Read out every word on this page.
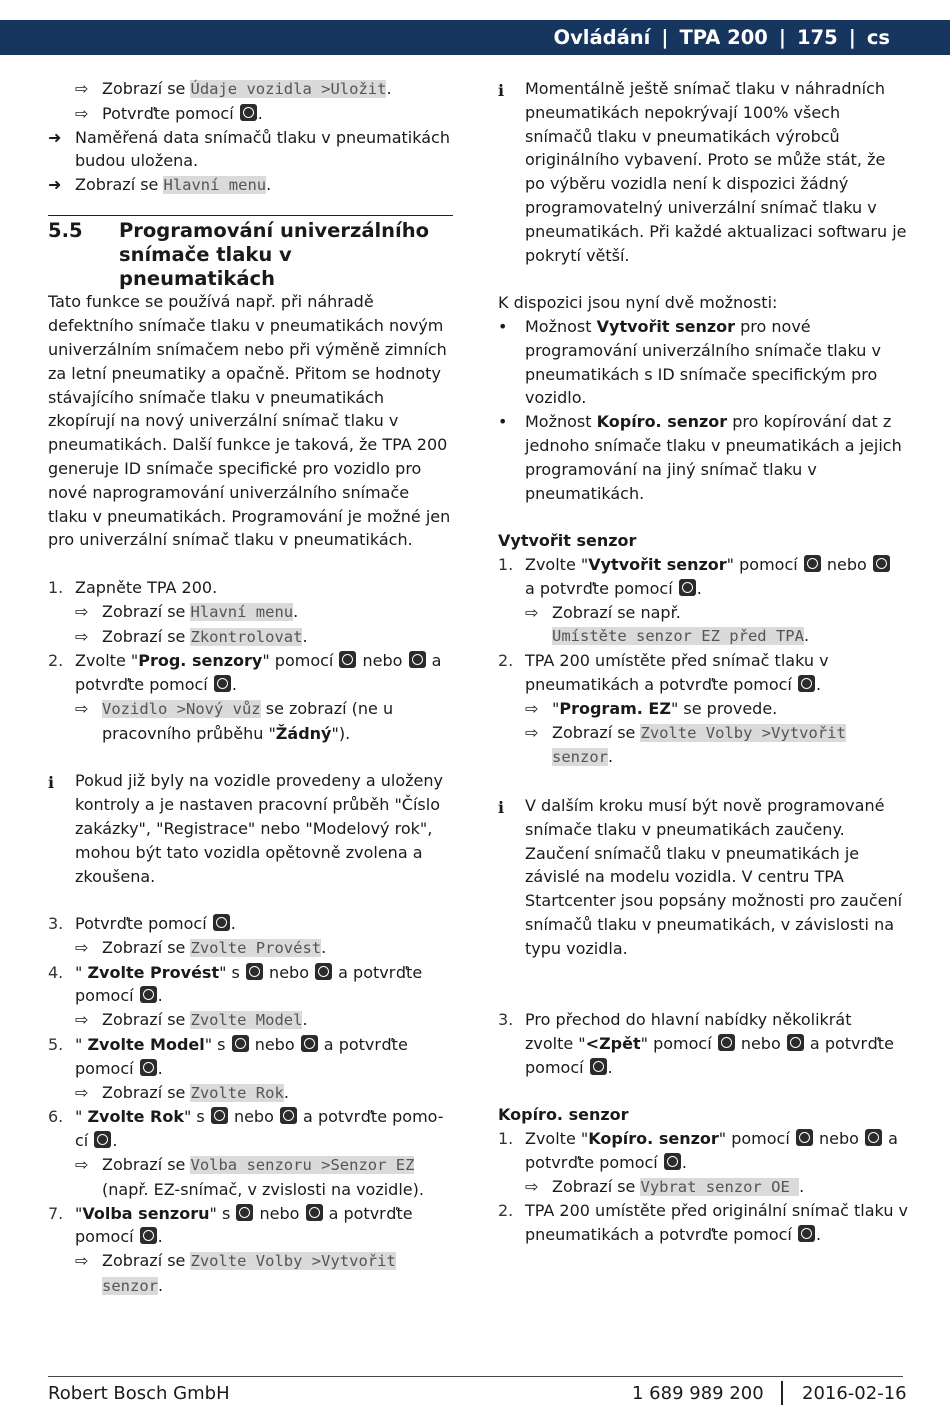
Ovládání | TPA 200 | 175 | cs
⇨ Zobrazí se Údaje vozidla >Uložit.
⇨ Potvrďte pomocí .
➜ Naměřená data snímačů tlaku v pneumatikách budou uložena.
➜ Zobrazí se Hlavní menu.
5.5 Programování univerzálního snímače tlaku v pneumatikách
Tato funkce se používá např. při náhradě defektního snímače tlaku v pneumatikách novým univerzálním snímačem nebo při výměně zimních za letní pneumatiky a opačně. Přitom se hodnoty stávajícího snímače tlaku v pneumatikách zkopírují na nový univerzální snímač tlaku v pneumatikách. Další funkce je taková, že TPA 200 generuje ID snímače specifické pro vozidlo pro nové naprogramování univerzálního snímače tlaku v pneumatikách. Programování je možné jen pro univerzální snímač tlaku v pneumatikách.
1. Zapněte TPA 200.
⇨ Zobrazí se Hlavní menu.
⇨ Zobrazí se Zkontrolovat.
2. Zvolte "Prog. senzory" pomocí  nebo  a
potvrďte pomocí .
⇨ Vozidlo >Nový vůz se zobrazí (ne u pracovního průběhu "Žádný").
ℹ Pokud již byly na vozidle provedeny a uloženy kontroly a je nastaven pracovní průběh "Číslo zakázky", "Registrace" nebo "Modelový rok", mohou být tato vozidla opětovně zvolena a zkoušena.
3. Potvrďte pomocí .
⇨ Zobrazí se Zvolte Provést.
4. " Zvolte Provést" s  nebo  a potvrďte
pomocí .
⇨ Zobrazí se Zvolte Model.
5. " Zvolte Model" s  nebo  a potvrďte
pomocí .
⇨ Zobrazí se Zvolte Rok.
6. " Zvolte Rok" s  nebo  a potvrďte pomo-
cí .
⇨ Zobrazí se Volba senzoru >Senzor EZ (např. EZ-snímač, v zvislosti na vozidle).
7. "Volba senzoru" s  nebo  a potvrďte
pomocí .
⇨ Zobrazí se Zvolte Volby >Vytvořit senzor.
ℹ Momentálně ještě snímač tlaku v náhradních pneumatikách nepokrývají 100% všech snímačů tlaku v pneumatikách výrobců originálního vybavení. Proto se může stát, že po výběru vozidla není k dispozici žádný programovatelný univerzální snímač tlaku v pneumatikách. Při každé aktualizaci softwaru je pokrytí větší.
K dispozici jsou nyní dvě možnosti:
•	Možnost Vytvořit senzor pro nové programování univerzálního snímače tlaku v pneumatikách s ID snímače specifickým pro vozidlo.
•	Možnost Kopíro. senzor pro kopírování dat z jednoho snímače tlaku v pneumatikách a jejich programování na jiný snímač tlaku v pneumatikách.
Vytvořit senzor
1. Zvolte "Vytvořit senzor" pomocí  nebo
a potvrďte pomocí .
⇨ Zobrazí se např.
Umístěte senzor EZ před TPA.
2. TPA 200 umístěte před snímač tlaku v pneumatikách a potvrďte pomocí .
⇨ "Program. EZ" se provede.
⇨ Zobrazí se Zvolte Volby >Vytvořit senzor.
ℹ V dalším kroku musí být nově programované snímače tlaku v pneumatikách zaučeny. Zaučení snímačů tlaku v pneumatikách je závislé na modelu vozidla. V centru TPA Startcenter jsou popsány možnosti pro zaučení snímačů tlaku v pneumatikách, v závislosti na typu vozidla.
3. Pro přechod do hlavní nabídky několikrát
zvolte "<Zpět" pomocí  nebo  a potvrďte
pomocí .
Kopíro. senzor
1. Zvolte "Kopíro. senzor" pomocí  nebo  a
potvrďte pomocí .
⇨ Zobrazí se Vybrat senzor OE .
2. TPA 200 umístěte před originální snímač tlaku v pneumatikách a potvrďte pomocí .
Robert Bosch GmbH	1 689 989 200 2016-02-16
